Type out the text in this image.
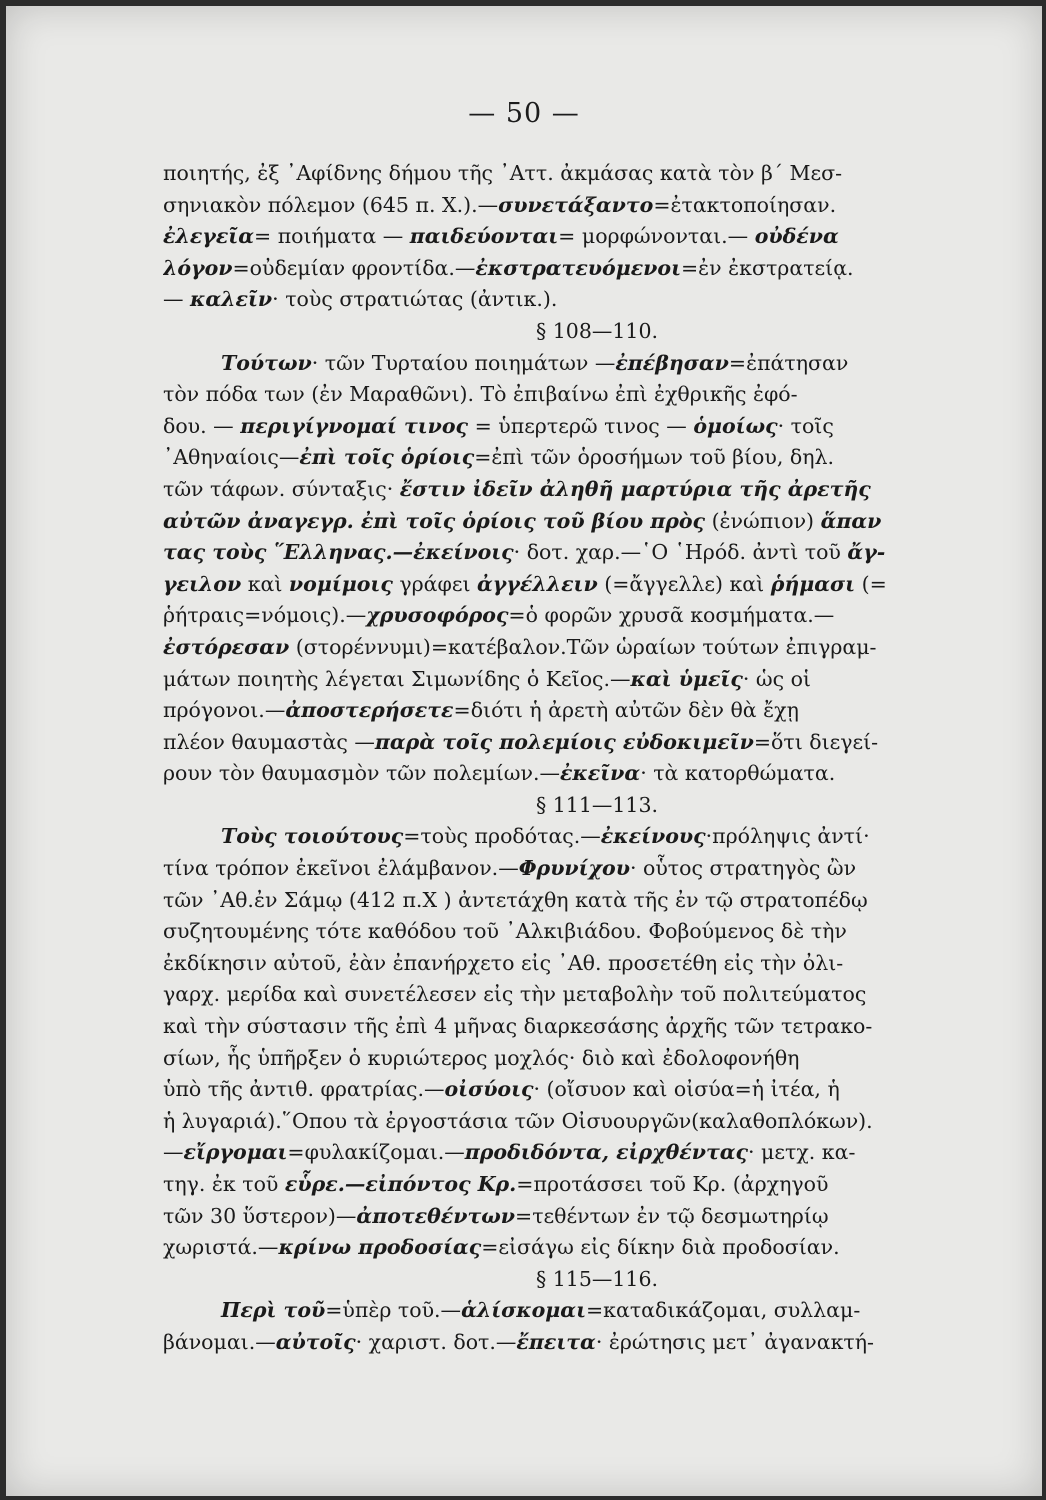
— 50 —
ποιητής, ἐξ ᾽Αφίδνης δήμου τῆς ᾽Αττ. ἀκμάσας κατὰ τὸν β΄ Μεσ-
σηνιακὸν πόλεμον (645 π. Χ.).—συνετάξαντο=ἐτακτοποίησαν.
ἐλεγεῖα= ποιήματα — παιδεύονται= μορφώνονται.— οὐδένα
λόγον=οὐδεμίαν φροντίδα.—ἐκστρατευόμενοι=ἐν ἐκστρατείᾳ.
— καλεῖν· τοὺς στρατιώτας (ἀντικ.).
§ 108—110.
Τούτων· τῶν Τυρταίου ποιημάτων —ἐπέβησαν=ἐπάτησαν
τὸν πόδα των (ἐν Μαραθῶνι). Τὸ ἐπιβαίνω ἐπὶ ἐχθρικῆς ἐφό-
δου. — περιγίγνομαί τινος = ὑπερτερῶ τινος — ὁμοίως· τοῖς
᾽Αθηναίοις—ἐπὶ τοῖς ὁρίοις=ἐπὶ τῶν ὁροσήμων τοῦ βίου, δηλ.
τῶν τάφων. σύνταξις· ἔστιν ἰδεῖν ἀληθῆ μαρτύρια τῆς ἀρετῆς
αὐτῶν ἀναγεγρ. ἐπὶ τοῖς ὁρίοις τοῦ βίου πρὸς (ἐνώπιον) ἅπαν
τας τοὺς ῞Ελληνας.—ἐκείνοις· δοτ. χαρ.—῾Ο ῾Ηρόδ. ἀντὶ τοῦ ἄγ-
γειλον καὶ νομίμοις γράφει ἀγγέλλειν (=ἄγγελλε) καὶ ῥήμασι (=
ῥήτραις=νόμοις).—χρυσοφόρος=ὁ φορῶν χρυσᾶ κοσμήματα.—
ἐστόρεσαν (στορέννυμι)=κατέβαλον.Τῶν ὡραίων τούτων ἐπιγραμ-
μάτων ποιητὴς λέγεται Σιμωνίδης ὁ Κεῖος.—καὶ ὑμεῖς· ὡς οἱ
πρόγονοι.—ἀποστερήσετε=διότι ἡ ἀρετὴ αὐτῶν δὲν θὰ ἔχῃ
πλέον θαυμαστὰς —παρὰ τοῖς πολεμίοις εὐδοκιμεῖν=ὅτι διεγεί-
ρουν τὸν θαυμασμὸν τῶν πολεμίων.—ἐκεῖνα· τὰ κατορθώματα.
§ 111—113.
Τοὺς τοιούτους=τοὺς προδότας.—ἐκείνους·πρόληψις ἀντί·
τίνα τρόπον ἐκεῖνοι ἐλάμβανον.—Φρυνίχου· οὗτος στρατηγὸς ὢν
τῶν ᾽Αθ.ἐν Σάμῳ (412 π.Χ ) ἀντετάχθη κατὰ τῆς ἐν τῷ στρατοπέδῳ
συζητουμένης τότε καθόδου τοῦ ᾽Αλκιβιάδου. Φοβούμενος δὲ τὴν
ἐκδίκησιν αὐτοῦ, ἐὰν ἐπανήρχετο εἰς ᾽Αθ. προσετέθη εἰς τὴν ὀλι-
γαρχ. μερίδα καὶ συνετέλεσεν εἰς τὴν μεταβολὴν τοῦ πολιτεύματος
καὶ τὴν σύστασιν τῆς ἐπὶ 4 μῆνας διαρκεσάσης ἀρχῆς τῶν τετρακο-
σίων, ἧς ὑπῆρξεν ὁ κυριώτερος μοχλός· διὸ καὶ ἐδολοφονήθη
ὑπὸ τῆς ἀντιθ. φρατρίας.—οἰσύοις· (οἴσυον καὶ οἰσύα=ἡ ἰτέα, ἡ
ἡ λυγαριά).῞Οπου τὰ ἐργοστάσια τῶν Οἰσυουργῶν(καλαθοπλόκων).
—εἴργομαι=φυλακίζομαι.—προδιδόντα, εἰρχθέντας· μετχ. κα-
τηγ. ἐκ τοῦ εὗρε.—εἰπόντος Κρ.=προτάσσει τοῦ Κρ. (ἀρχηγοῦ
τῶν 30 ὕστερον)—ἀποτεθέντων=τεθέντων ἐν τῷ δεσμωτηρίῳ
χωριστά.—κρίνω προδοσίας=εἰσάγω εἰς δίκην διὰ προδοσίαν.
§ 115—116.
Περὶ τοῦ=ὑπὲρ τοῦ.—ἁλίσκομαι=καταδικάζομαι, συλλαμ-
βάνομαι.—αὐτοῖς· χαριστ. δοτ.—ἔπειτα· ἐρώτησις μετ᾽ ἀγανακτή-
